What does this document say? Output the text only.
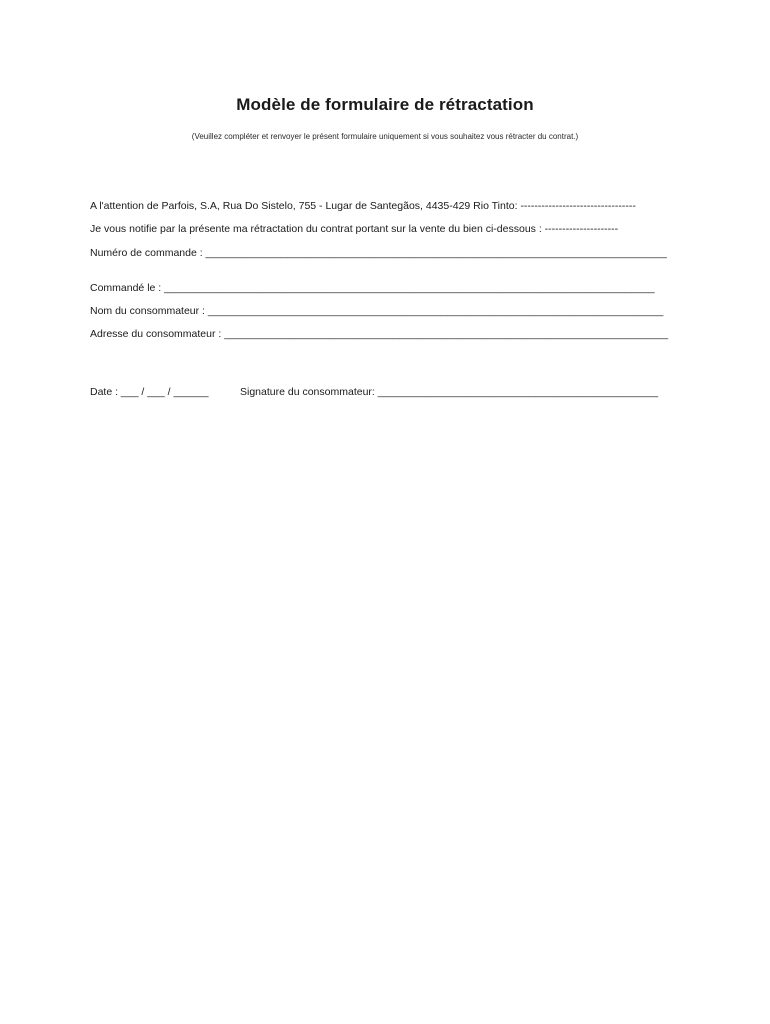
Modèle de formulaire de rétractation
(Veuillez compléter et renvoyer le présent formulaire uniquement si vous souhaitez vous rétracter du contrat.)
A l'attention de Parfois, S.A, Rua Do Sistelo, 755 - Lugar de Santegãos, 4435-429 Rio Tinto: ---------------------------------
Je vous notifie par la présente ma rétractation du contrat portant sur la vente du bien ci-dessous : ---------------------
Numéro de commande : _______________________________________________________________________________
Commandé le : ____________________________________________________________________________________
Nom du consommateur : ______________________________________________________________________________
Adresse du consommateur : ____________________________________________________________________________
Date : ___ / ___ / ______	Signature du consommateur: ________________________________________________
